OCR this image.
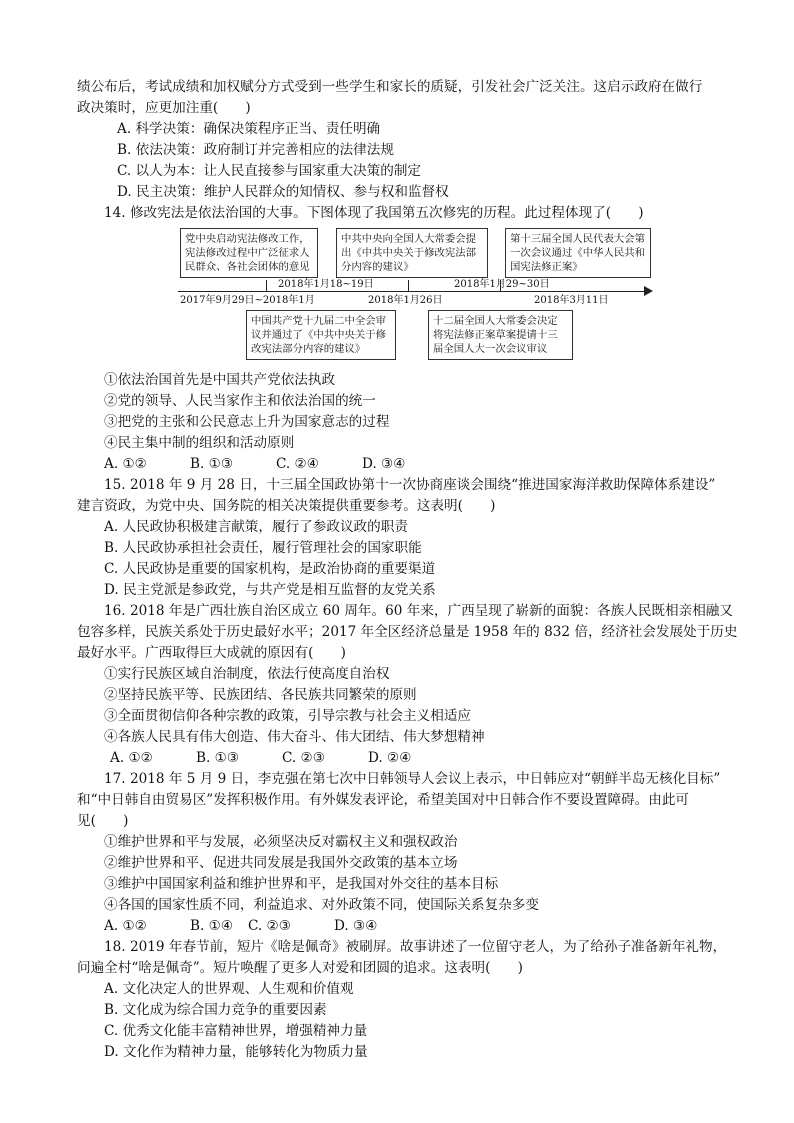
绩公布后，考试成绩和加权赋分方式受到一些学生和家长的质疑，引发社会广泛关注。这启示政府在做行
政决策时，应更加注重(　　)
A. 科学决策：确保决策程序正当、责任明确
B. 依法决策：政府制订并完善相应的法律法规
C. 以人为本：让人民直接参与国家重大决策的制定
D. 民主决策：维护人民群众的知情权、参与权和监督权
14. 修改宪法是依法治国的大事。下图体现了我国第五次修宪的历程。此过程体现了(　　)
党中央启动宪法修改工作，宪法修改过程中广泛征求人民群众、各社会团体的意见
中共中央向全国人大常委会提出《中共中央关于修改宪法部分内容的建议》
第十三届全国人民代表大会第一次会议通过《中华人民共和国宪法修正案》
2018年1月18~19日	2018年1月29~30日
2017年9月29日~2018年1月	2018年1月26日	2018年3月11日
中国共产党十九届二中全会审议并通过了《中共中央关于修改宪法部分内容的建议》
十二届全国人大常委会决定将宪法修正案草案提请十三届全国人大一次会议审议
①依法治国首先是中国共产党依法执政
②党的领导、人民当家作主和依法治国的统一
③把党的主张和公民意志上升为国家意志的过程
④民主集中制的组织和活动原则
A. ①②	B. ①③	C. ②④	D. ③④
15. 2018 年 9 月 28 日，十三届全国政协第十一次协商座谈会围绕“推进国家海洋救助保障体系建设”
建言资政，为党中央、国务院的相关决策提供重要参考。这表明(　　)
A. 人民政协积极建言献策，履行了参政议政的职责
B. 人民政协承担社会责任，履行管理社会的国家职能
C. 人民政协是重要的国家机构，是政治协商的重要渠道
D. 民主党派是参政党，与共产党是相互监督的友党关系
16. 2018 年是广西壮族自治区成立 60 周年。60 年来，广西呈现了崭新的面貌：各族人民既相亲相融又
包容多样，民族关系处于历史最好水平；2017 年全区经济总量是 1958 年的 832 倍，经济社会发展处于历史
最好水平。广西取得巨大成就的原因有(　　)
①实行民族区域自治制度，依法行使高度自治权
②坚持民族平等、民族团结、各民族共同繁荣的原则
③全面贯彻信仰各种宗教的政策，引导宗教与社会主义相适应
④各族人民具有伟大创造、伟大奋斗、伟大团结、伟大梦想精神
A. ①②	B. ①③	C. ②③	D. ②④
17. 2018 年 5 月 9 日，李克强在第七次中日韩领导人会议上表示，中日韩应对“朝鲜半岛无核化目标”
和“中日韩自由贸易区”发挥积极作用。有外媒发表评论，希望美国对中日韩合作不要设置障碍。由此可
见(　　)
①维护世界和平与发展，必须坚决反对霸权主义和强权政治
②维护世界和平、促进共同发展是我国外交政策的基本立场
③维护中国国家利益和维护世界和平，是我国对外交往的基本目标
④各国的国家性质不同，利益追求、对外政策不同，使国际关系复杂多变
A. ①②	B. ①④ C. ②③	D. ③④
18. 2019 年春节前，短片《啥是佩奇》被刷屏。故事讲述了一位留守老人，为了给孙子准备新年礼物，
问遍全村“啥是佩奇”。短片唤醒了更多人对爱和团圆的追求。这表明(　　)
A. 文化决定人的世界观、人生观和价值观
B. 文化成为综合国力竞争的重要因素
C. 优秀文化能丰富精神世界，增强精神力量
D. 文化作为精神力量，能够转化为物质力量
